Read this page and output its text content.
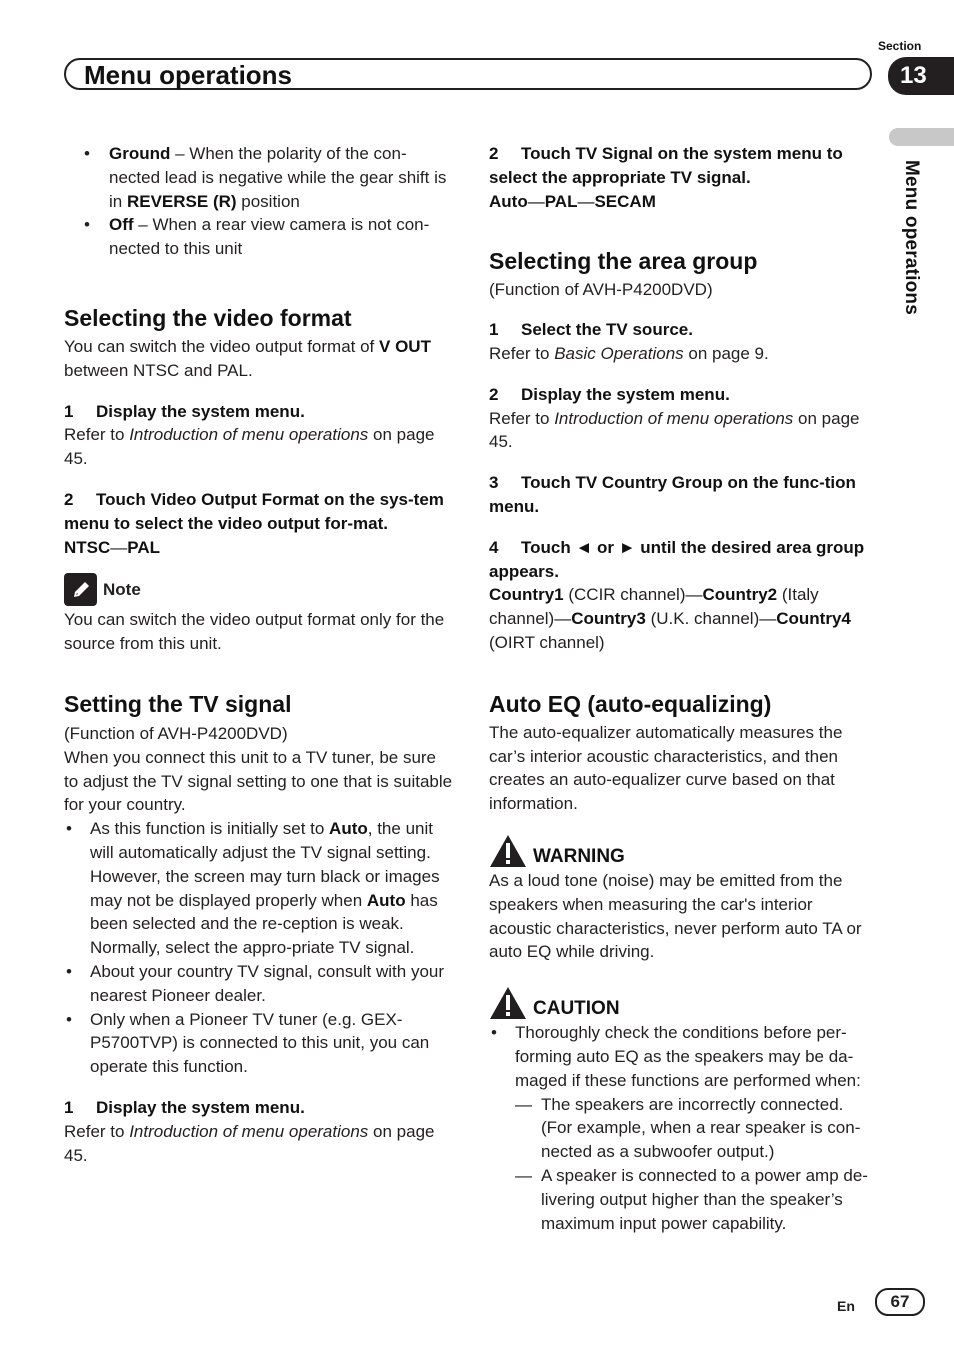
Menu operations
Section
13
Menu operations

• Ground – When the polarity of the con-nected lead is negative while the gear shift is in REVERSE (R) position

• Off – When a rear view camera is not con-nected to this unit

Selecting the video format

You can switch the video output format of V OUT between NTSC and PAL.

1 Display the system menu.

Refer to Introduction of menu operations on page 45.

2 Touch Video Output Format on the sys-tem menu to select the video output for-mat.

NTSC—PAL

Note

You can switch the video output format only for the source from this unit.

Setting the TV signal

(Function of AVH-P4200DVD)

When you connect this unit to a TV tuner, be sure to adjust the TV signal setting to one that is suitable for your country.

• As this function is initially set to Auto, the unit will automatically adjust the TV signal setting.
However, the screen may turn black or images may not be displayed properly when Auto has been selected and the re-ception is weak. Normally, select the appro-priate TV signal.

• About your country TV signal, consult with your nearest Pioneer dealer.

• Only when a Pioneer TV tuner (e.g. GEX-P5700TVP) is connected to this unit, you can operate this function.

1 Display the system menu.

Refer to Introduction of menu operations on page 45.

2 Touch TV Signal on the system menu to select the appropriate TV signal.

Auto—PAL—SECAM

Selecting the area group

(Function of AVH-P4200DVD)

1 Select the TV source.

Refer to Basic Operations on page 9.

2 Display the system menu.

Refer to Introduction of menu operations on page 45.

3 Touch TV Country Group on the func-tion menu.

4 Touch ◄ or ► until the desired area group appears.

Country1 (CCIR channel)—Country2 (Italy channel)—Country3 (U.K. channel)—Country4 (OIRT channel)

Auto EQ (auto-equalizing)

The auto-equalizer automatically measures the car’s interior acoustic characteristics, and then creates an auto-equalizer curve based on that information.

WARNING

As a loud tone (noise) may be emitted from the speakers when measuring the car's interior acoustic characteristics, never perform auto TA or auto EQ while driving.

CAUTION

• Thoroughly check the conditions before per-forming auto EQ as the speakers may be da-maged if these functions are performed when:

— The speakers are incorrectly connected. (For example, when a rear speaker is con-nected as a subwoofer output.)

— A speaker is connected to a power amp de-livering output higher than the speaker’s maximum input power capability.

En	67
